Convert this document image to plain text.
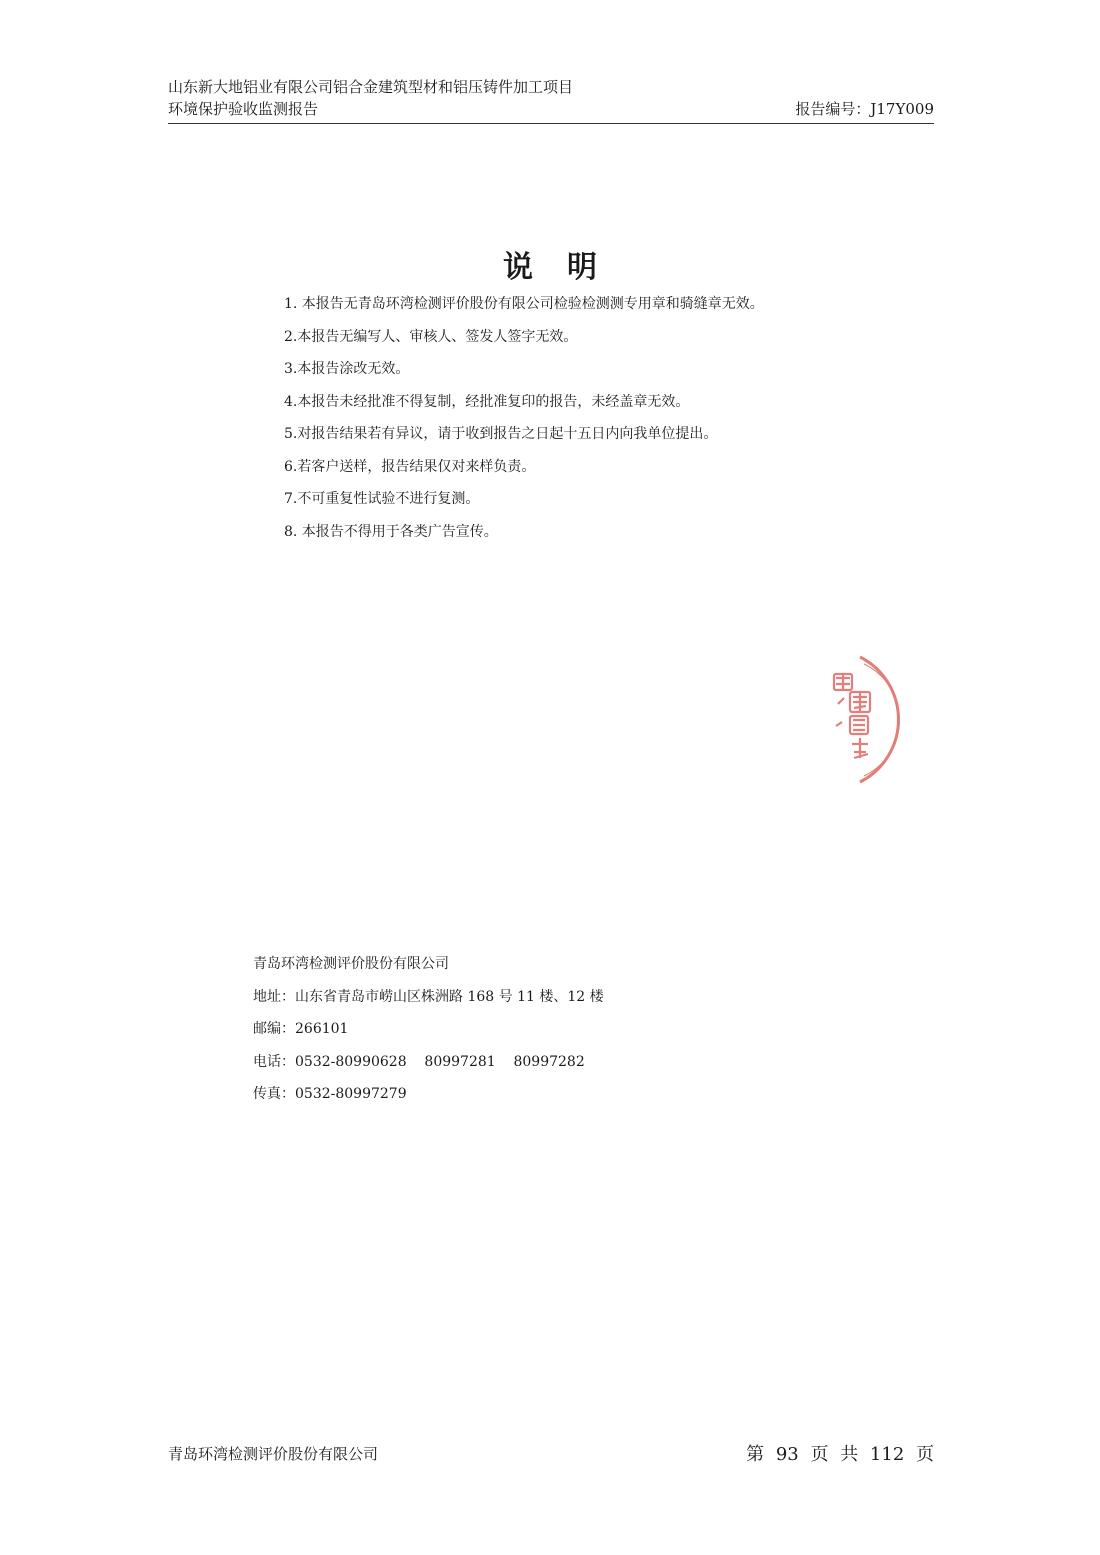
山东新大地铝业有限公司铝合金建筑型材和铝压铸件加工项目
环境保护验收监测报告	报告编号：J17Y009
说明
1. 本报告无青岛环湾检测评价股份有限公司检验检测测专用章和骑缝章无效。
2.本报告无编写人、审核人、签发人签字无效。
3.本报告涂改无效。
4.本报告未经批准不得复制，经批准复印的报告，未经盖章无效。
5.对报告结果若有异议，请于收到报告之日起十五日内向我单位提出。
6.若客户送样，报告结果仅对来样负责。
7.不可重复性试验不进行复测。
8. 本报告不得用于各类广告宣传。
青岛环湾检测评价股份有限公司
地址：山东省青岛市崂山区株洲路 168 号 11 楼、12 楼
邮编：266101
电话：0532-80990628    80997281    80997282
传真：0532-80997279
青岛环湾检测评价股份有限公司	第 93 页 共 112 页
